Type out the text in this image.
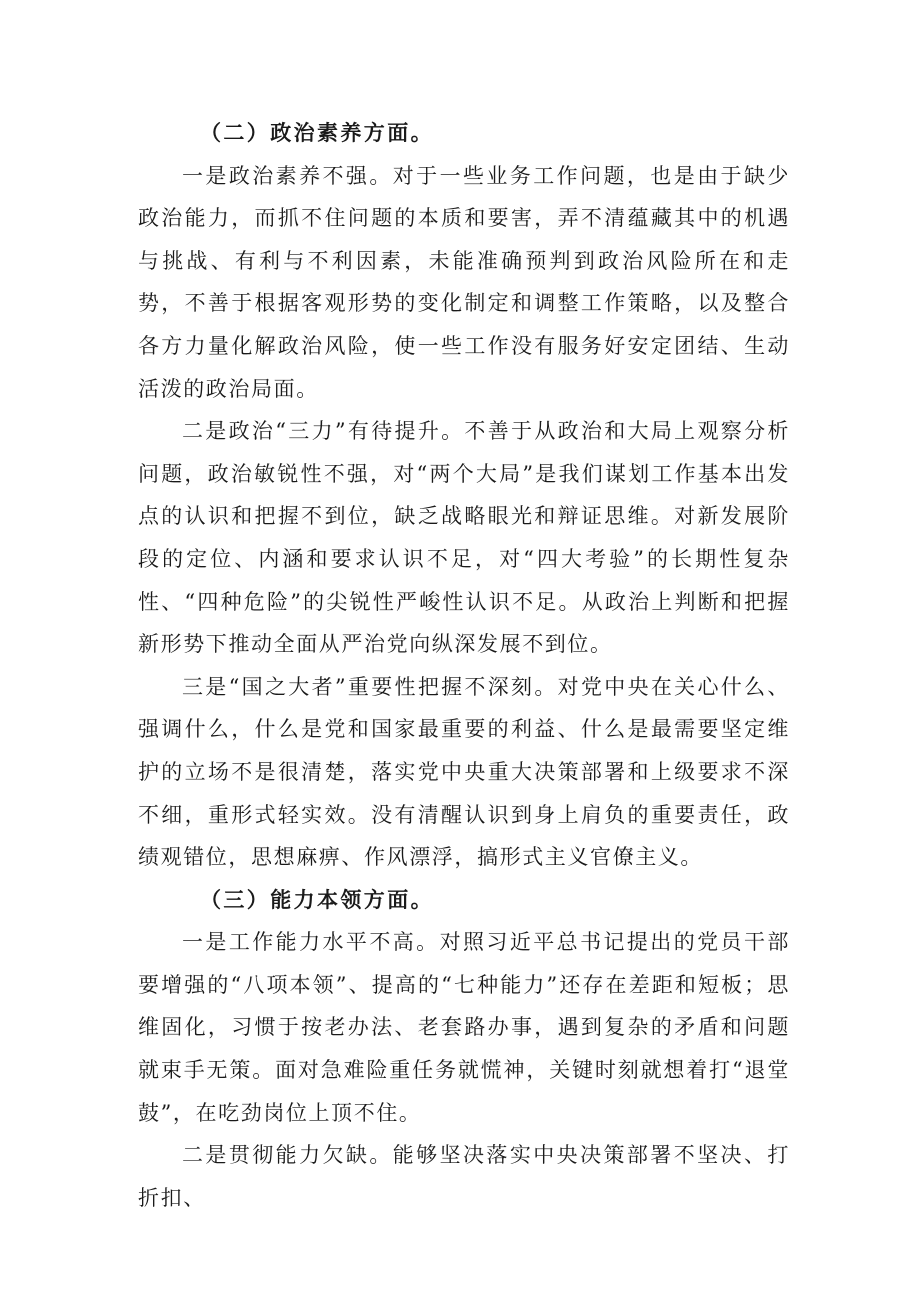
（二）政治素养方面。

一是政治素养不强。对于一些业务工作问题，也是由于缺少政治能力，而抓不住问题的本质和要害，弄不清蕴藏其中的机遇与挑战、有利与不利因素，未能准确预判到政治风险所在和走势，不善于根据客观形势的变化制定和调整工作策略，以及整合各方力量化解政治风险，使一些工作没有服务好安定团结、生动活泼的政治局面。

二是政治“三力”有待提升。不善于从政治和大局上观察分析问题，政治敏锐性不强，对“两个大局”是我们谋划工作基本出发点的认识和把握不到位，缺乏战略眼光和辩证思维。对新发展阶段的定位、内涵和要求认识不足，对“四大考验”的长期性复杂性、“四种危险”的尖锐性严峻性认识不足。从政治上判断和把握新形势下推动全面从严治党向纵深发展不到位。

三是“国之大者”重要性把握不深刻。对党中央在关心什么、强调什么，什么是党和国家最重要的利益、什么是最需要坚定维护的立场不是很清楚，落实党中央重大决策部署和上级要求不深不细，重形式轻实效。没有清醒认识到身上肩负的重要责任，政绩观错位，思想麻痹、作风漂浮，搞形式主义官僚主义。

（三）能力本领方面。

一是工作能力水平不高。对照习近平总书记提出的党员干部要增强的“八项本领”、提高的“七种能力”还存在差距和短板；思维固化，习惯于按老办法、老套路办事，遇到复杂的矛盾和问题就束手无策。面对急难险重任务就慌神，关键时刻就想着打“退堂鼓”，在吃劲岗位上顶不住。

二是贯彻能力欠缺。能够坚决落实中央决策部署不坚决、打折扣、
